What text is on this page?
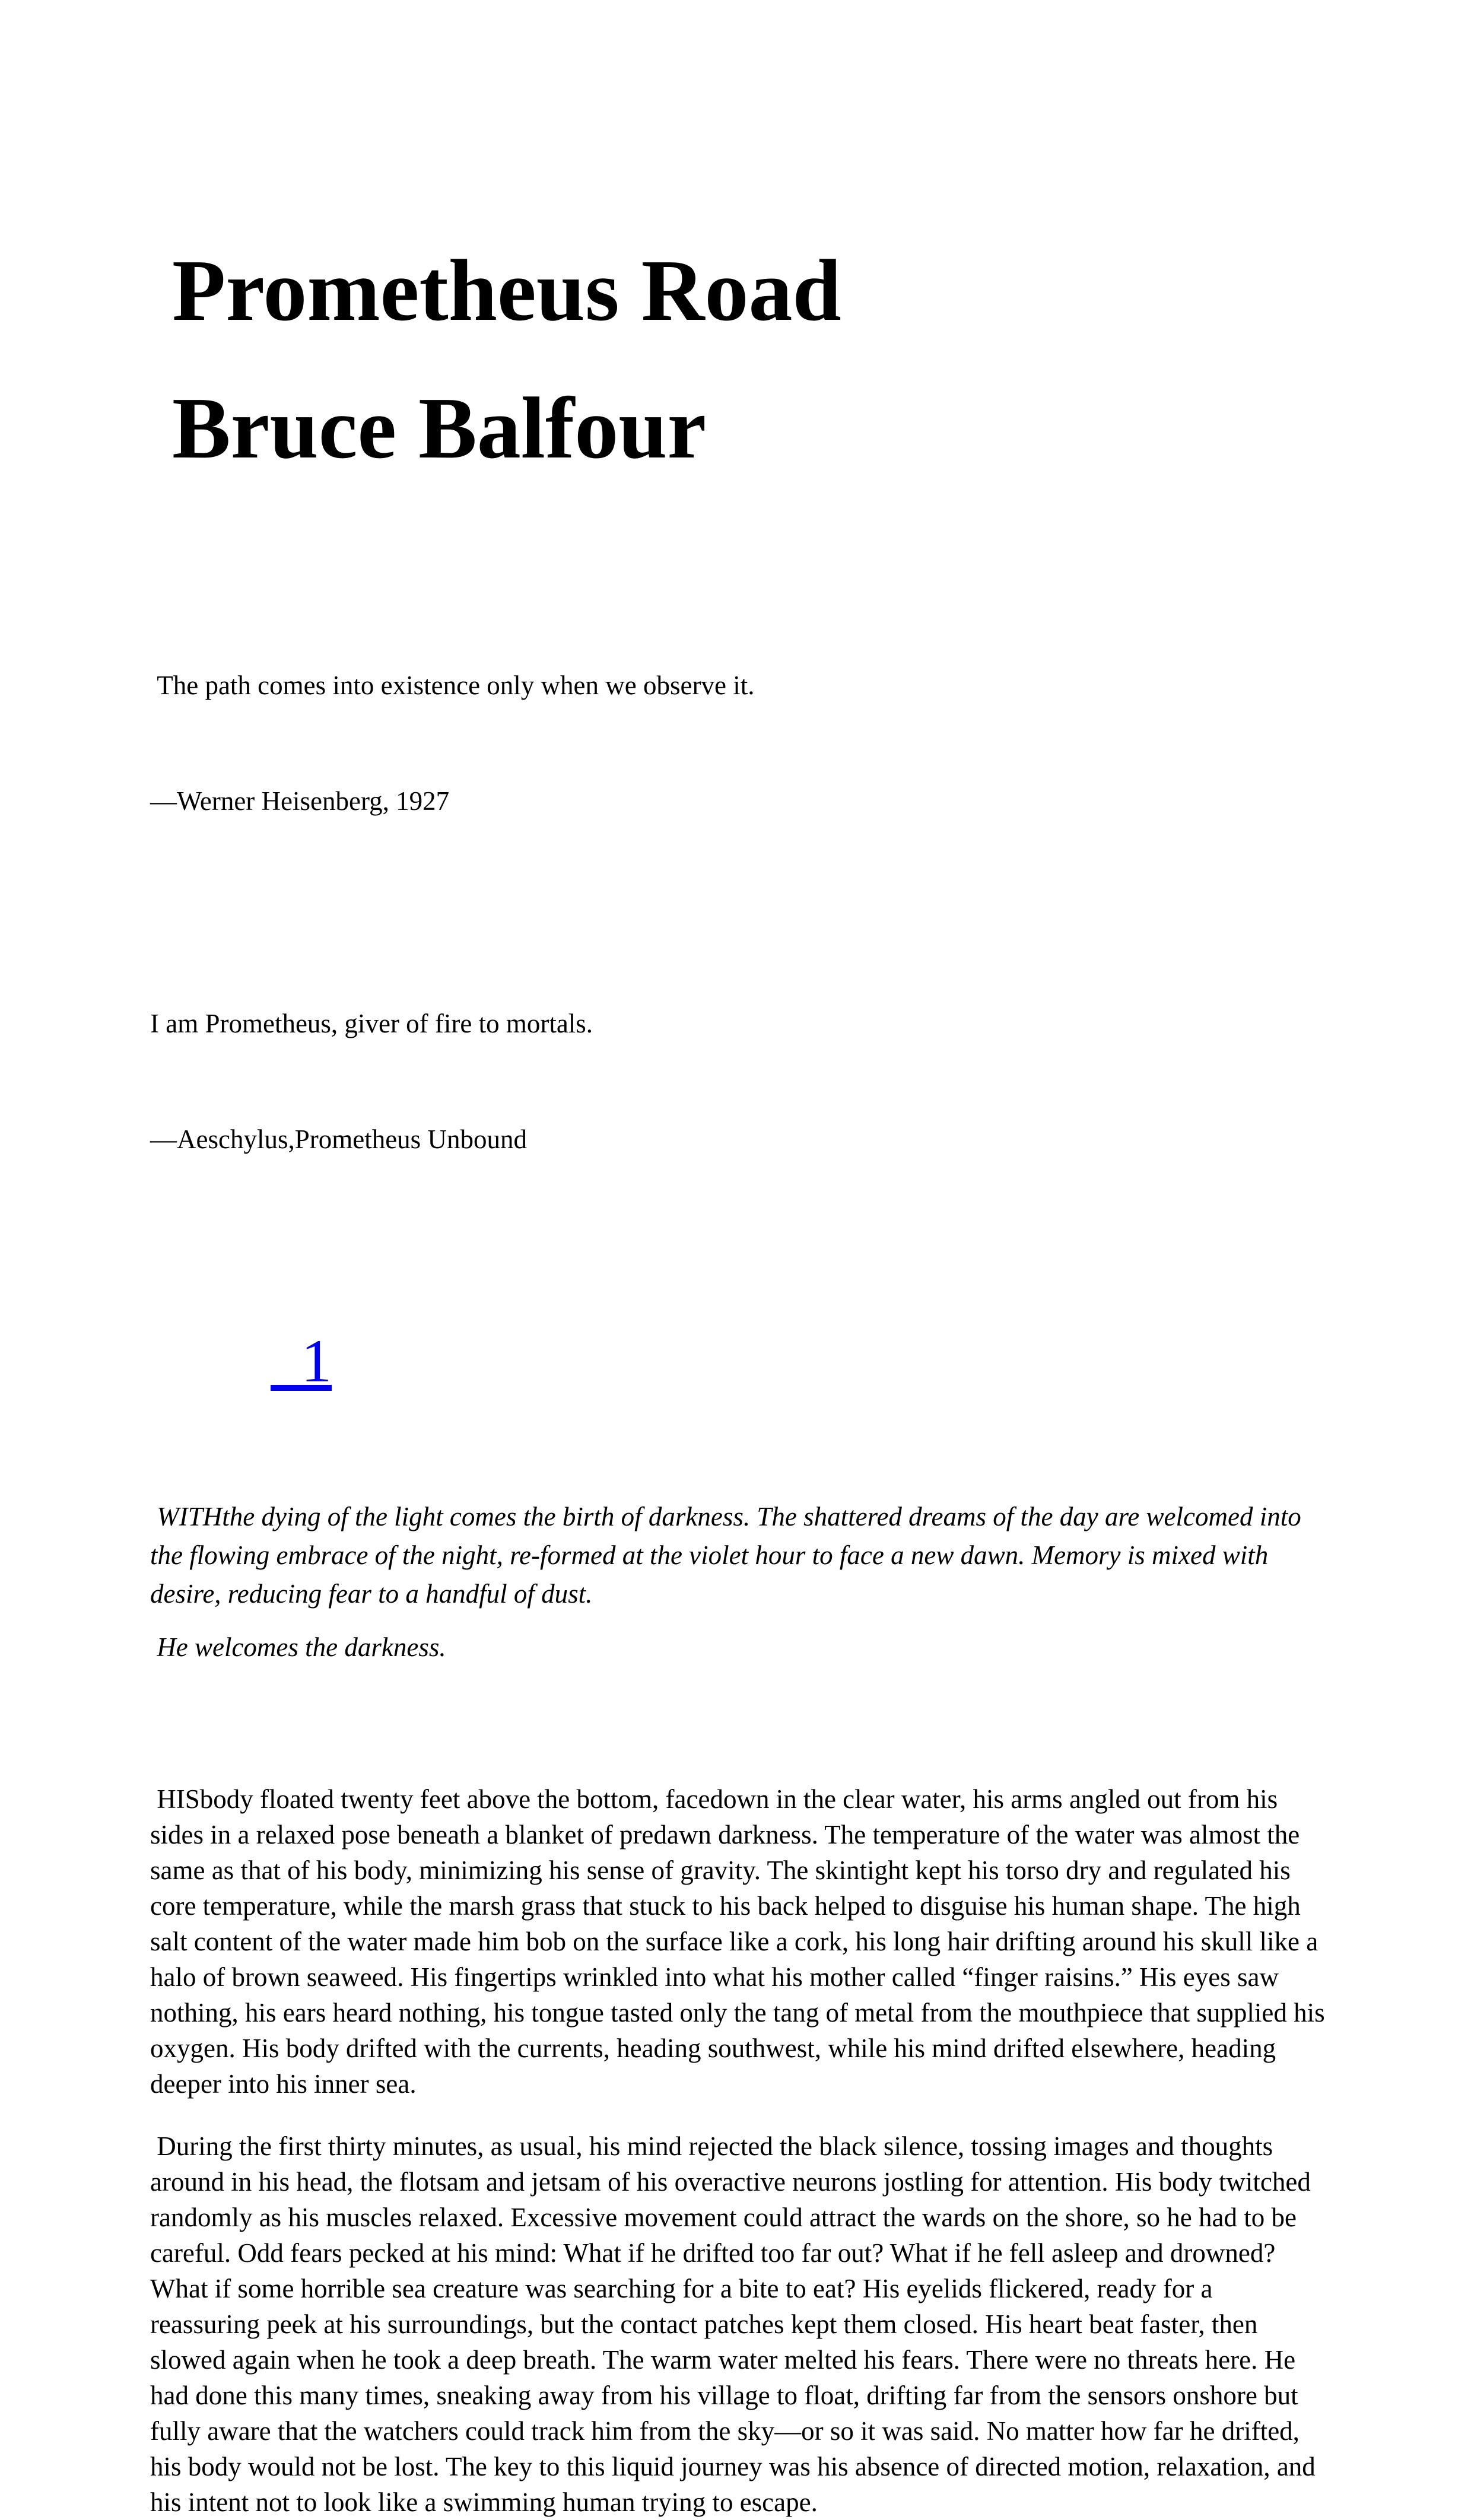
Prometheus Road
Bruce Balfour

The path comes into existence only when we observe it.

—Werner Heisenberg, 1927

I am Prometheus, giver of fire to mortals.

—Aeschylus,Prometheus Unbound

1

WITHthe dying of the light comes the birth of darkness. The shattered dreams of the day are welcomed into the flowing embrace of the night, re-formed at the violet hour to face a new dawn. Memory is mixed with desire, reducing fear to a handful of dust.

He welcomes the darkness.

HISbody floated twenty feet above the bottom, facedown in the clear water, his arms angled out from his sides in a relaxed pose beneath a blanket of predawn darkness. The temperature of the water was almost the same as that of his body, minimizing his sense of gravity. The skintight kept his torso dry and regulated his core temperature, while the marsh grass that stuck to his back helped to disguise his human shape. The high salt content of the water made him bob on the surface like a cork, his long hair drifting around his skull like a halo of brown seaweed. His fingertips wrinkled into what his mother called “finger raisins.” His eyes saw nothing, his ears heard nothing, his tongue tasted only the tang of metal from the mouthpiece that supplied his oxygen. His body drifted with the currents, heading southwest, while his mind drifted elsewhere, heading deeper into his inner sea.

During the first thirty minutes, as usual, his mind rejected the black silence, tossing images and thoughts around in his head, the flotsam and jetsam of his overactive neurons jostling for attention. His body twitched randomly as his muscles relaxed. Excessive movement could attract the wards on the shore, so he had to be careful. Odd fears pecked at his mind: What if he drifted too far out? What if he fell asleep and drowned? What if some horrible sea creature was searching for a bite to eat? His eyelids flickered, ready for a reassuring peek at his surroundings, but the contact patches kept them closed. His heart beat faster, then slowed again when he took a deep breath. The warm water melted his fears. There were no threats here. He had done this many times, sneaking away from his village to float, drifting far from the sensors onshore but fully aware that the watchers could track him from the sky—or so it was said. No matter how far he drifted, his body would not be lost. The key to this liquid journey was his absence of directed motion, relaxation, and his intent not to look like a swimming human trying to escape.
